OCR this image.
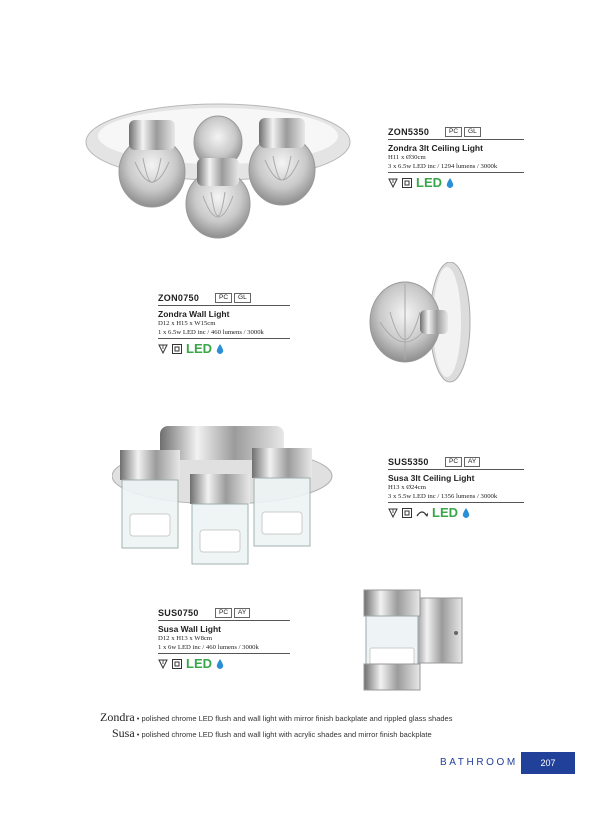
ZON5350	PC	GL
Zondra 3lt Ceiling Light
H11 x Ø30cm
3 x 6.5w LED inc / 1294 lumens / 3000k
II LED
ZON0750	PC	GL
Zondra Wall Light
D12 x H15 x W15cm
1 x 6.5w LED inc / 460 lumens / 3000k
II LED
SUS5350	PC	AY
Susa 3lt Ceiling Light
H13 x Ø24cm
3 x 5.5w LED inc / 1356 lumens / 3000k
II	LED
SUS0750	PC	AY
Susa Wall Light
D12 x H13 x W8cm
1 x 6w LED inc / 460 lumens / 3000k
II LED
Zondra • polished chrome LED flush and wall light with mirror finish backplate and rippled glass shades
Susa • polished chrome LED flush and wall light with acrylic shades and mirror finish backplate
BATHROOM	207
